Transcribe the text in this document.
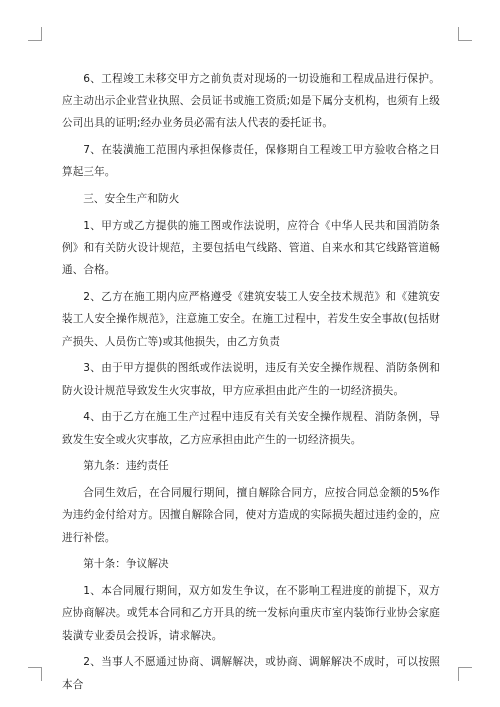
6、工程竣工未移交甲方之前负责对现场的一切设施和工程成品进行保护。应主动出示企业营业执照、会员证书或施工资质;如是下属分支机构，也须有上级公司出具的证明;经办业务员必需有法人代表的委托证书。

7、在装潢施工范围内承担保修责任，保修期自工程竣工甲方验收合格之日算起三年。

三、安全生产和防火

1、甲方或乙方提供的施工图或作法说明，应符合《中华人民共和国消防条例》和有关防火设计规范，主要包括电气线路、管道、自来水和其它线路管道畅通、合格。

2、乙方在施工期内应严格遵受《建筑安装工人安全技术规范》和《建筑安装工人安全操作规范》，注意施工安全。在施工过程中，若发生安全事故(包括财产损失、人员伤亡等)或其他损失，由乙方负责

3、由于甲方提供的图纸或作法说明，违反有关安全操作规程、消防条例和防火设计规范导致发生火灾事故，甲方应承担由此产生的一切经济损失。

4、由于乙方在施工生产过程中违反有关有关安全操作规程、消防条例，导致发生安全或火灾事故，乙方应承担由此产生的一切经济损失。

第九条：违约责任

合同生效后，在合同履行期间，擅自解除合同方，应按合同总金额的5%作为违约金付给对方。因擅自解除合同，使对方造成的实际损失超过违约金的，应进行补偿。

第十条：争议解决

1、本合同履行期间，双方如发生争议，在不影响工程进度的前提下，双方应协商解决。或凭本合同和乙方开具的统一发标向重庆市室内装饰行业协会家庭装潢专业委员会投诉，请求解决。

2、当事人不愿通过协商、调解解决，或协商、调解解决不成时，可以按照本合
